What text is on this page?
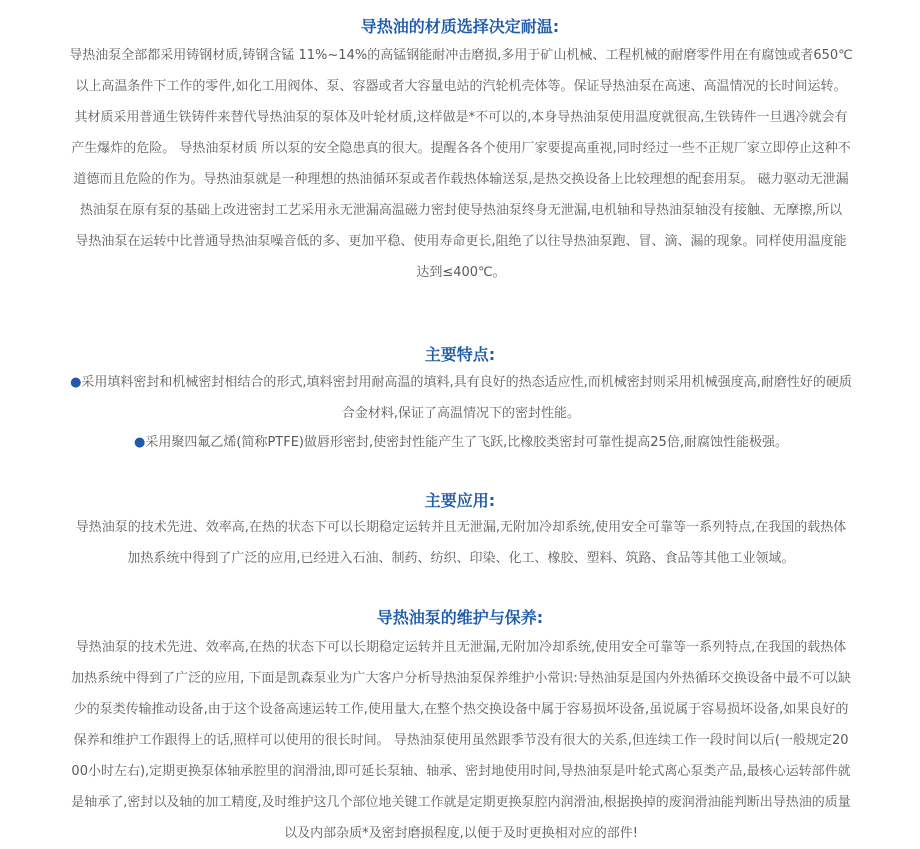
导热油的材质选择决定耐温:

导热油泵全部都采用铸钢材质,铸钢含锰 11%~14%的高锰钢能耐冲击磨损,多用于矿山机械、工程机械的耐磨零件用在有腐蚀或者650℃
以上高温条件下工作的零件,如化工用阀体、泵、容器或者大容量电站的汽轮机壳体等。保证导热油泵在高速、高温情况的长时间运转。
其材质采用普通生铁铸件来替代导热油泵的泵体及叶轮材质,这样做是*不可以的,本身导热油泵使用温度就很高,生铁铸件一旦遇冷就会有
产生爆炸的危险。 导热油泵材质 所以泵的安全隐患真的很大。提醒各各个使用厂家要提高重视,同时经过一些不正规厂家立即停止这种不
道德而且危险的作为。导热油泵就是一种理想的热油循环泵或者作载热体输送泵,是热交换设备上比较理想的配套用泵。 磁力驱动无泄漏
热油泵在原有泵的基础上改进密封工艺采用永无泄漏高温磁力密封使导热油泵终身无泄漏,电机轴和导热油泵轴没有接触、无摩擦,所以
导热油泵在运转中比普通导热油泵噪音低的多、更加平稳、使用寿命更长,阻绝了以往导热油泵跑、冒、滴、漏的现象。同样使用温度能
达到≤400℃。

主要特点:

●采用填料密封和机械密封相结合的形式,填料密封用耐高温的填料,具有良好的热态适应性,而机械密封则采用机械强度高,耐磨性好的硬质
合金材料,保证了高温情况下的密封性能。

●采用聚四氟乙烯(简称PTFE)做唇形密封,使密封性能产生了飞跃,比橡胶类密封可靠性提高25倍,耐腐蚀性能极强。

主要应用:

导热油泵的技术先进、效率高,在热的状态下可以长期稳定运转并且无泄漏,无附加冷却系统,使用安全可靠等一系列特点,在我国的载热体
加热系统中得到了广泛的应用,已经进入石油、制药、纺织、印染、化工、橡胶、塑料、筑路、食品等其他工业领域。

导热油泵的维护与保养:

导热油泵的技术先进、效率高,在热的状态下可以长期稳定运转并且无泄漏,无附加冷却系统,使用安全可靠等一系列特点,在我国的载热体
加热系统中得到了广泛的应用, 下面是凯森泵业为广大客户分析导热油泵保养维护小常识:导热油泵是国内外热循环交换设备中最不可以缺
少的泵类传输推动设备,由于这个设备高速运转工作,使用量大,在整个热交换设备中属于容易损坏设备,虽说属于容易损坏设备,如果良好的
保养和维护工作跟得上的话,照样可以使用的很长时间。 导热油泵使用虽然跟季节没有很大的关系,但连续工作一段时间以后(一般规定20
00小时左右),定期更换泵体轴承腔里的润滑油,即可延长泵轴、轴承、密封地使用时间,导热油泵是叶轮式离心泵类产品,最核心运转部件就
是轴承了,密封以及轴的加工精度,及时维护这几个部位地关键工作就是定期更换泵腔内润滑油,根据换掉的废润滑油能判断出导热油的质量
以及内部杂质*及密封磨损程度,以便于及时更换相对应的部件!
